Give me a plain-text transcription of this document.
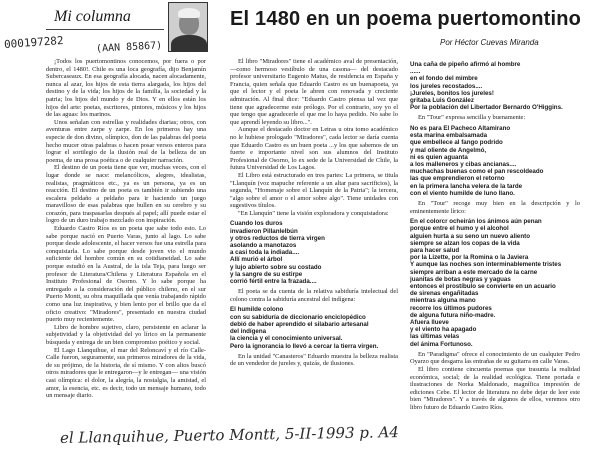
Mi columna	El 1480 en un poema puertomontino
Por Héctor Cuevas Miranda
000197282	(AAN 85867)

¡Todos los puertomontinos conocemos, por fuera o por dentro, el 1480!. Chile es una loca geografía, dijo Benjamín Subercaseaux. En esa geografía alocada, nacen alocadamente, nunca al azar, los hijos de esta tierra alargada, los hijos del destino y de la vida; los hijos de la familia, la sociedad y la patria; los hijos del mundo y de Dios. Y en ellos están los hijos del arte: poetas, escritores, pintores, músicos y los hijos de las aguas: los marinos.

Unos señalan con estrellas y realidades diarias; otros, con aventuras entre zarpe y zarpe. En los primeros hay una especie de don divino, olímpico, don de las palabras del poeta hecho mucer otras palabras o hacen posar versos enteros para lograr el sortilegio de la ilusión real de la belleza de un poema, de una prosa poética o de cualquier narración.

El destino de un poeta tiene que ver, muchas veces, con el lugar donde se nace: melancólicos, alegres, idealistas, realistas, pragmáticos etc., ya es un persona, ya es un reacción. El destino de un poeta es también ir subiendo una escalera peldaño a peldaño para ir haciendo un juego maravilloso de esas palabras que bullen en su cerebro y su corazón, para traspasarlas después al papel; allí puede estar el logro de un duro trabajo mezclado con inspiración.

Eduardo Castro Ríos es un poeta que sabe todo esto. Lo sabe porque nació en Puerto Varas, junto al lago. Lo sabe porque desde adolescente, el hacer versos fue una estrella para conquistarla. Lo sabe porque desde joven vio el mundo suficiente del hombre común en su cotidianeidad. Lo sabe porque estudió en la Austral, de la isla Teja, para luego ser profesor de Literatura/Chilena y Literatura Española en el Instituto Profesional de Osorno. Y lo sabe porque ha entregado a la consideración del público chileno, en el sur Puerto Montt, su obra maquillada que venía trabajando rápido como una luz inspirativa, y bien lento por el brillo que da el oficio creativo: "Miradores", presentado en nuestra ciudad puerto muy recientemente.

Libro de hombre sujetivo, claro, persistente en aclarar la subjetividad y la objetividad del yo lírico en la permanente búsqueda y entrega de un bien compromiso poético y social.

El Lago Llanquihue, el mar del Reloncaví y el río Calle-Calle fueron, seguramente, sus primeros miradores de la vida, de su prójimo, de la historia, de sí mismo. Y con altos buscó otros miradores que le entregaron—y le entregan— una visión casi olímpica: el dolor, la alegría, la nostalgia, la amistad, el amor, la esencia, etc. es decir, todo un mensaje humano, todo un mensaje diario.

El libro "Miradores" tiene el académico aval de presentación, —como hermoso vestíbulo de una casona— del destacado profesor universitario Eugenio Matus, de residencia en España y Francia, quien señala que Eduardo Castro es un buenapoeta, ya que el lector y el poeta le abren con renovada y creciente admiración. Al final dice: "Eduardo Castro piensa tal vez que tiene que agradecerme este prólogo. Por el contrario, soy yo el que tengo que agradecerle el que me lo haya pedido. No sabe lo que aprendí leyendo su libro...".

Aunque el destacado doctor en Letras u otra tomo académico no le hubiese prologado "Miradores", cada lector se daría cuenta que Eduardo Castro es un buen poeta ...y los que sabemos de un fuerte e importante nivel son sus alumnos del Instituto Profesional de Osorno, lo ex sede de la Universidad de Chile, la futura Universidad de Los Lagos.

El Libro está estructurado en tres partes: La primera, se titula "Llanquín (voz mapuche referente a un altar para sacrificios), la segunda, "Homenaje sobre el Llanquín de la Patria"; la tercera, "algo sobre el amor o el amor sobre algo". Tiene unidades con sugestivos títulos.

"En Llanquín" tiene la visión exploradora y conquistadora:

Cuando los duros
invadieron Pillanlelbún
y otros reductos de tierra virgen
asolando a manotazos
a casi toda la indiada....
Allí murió el árbol
y lujo abierto sobre su costado
y la sangre de su estirpe
corrió fértil entre la frazada....

El poeta se da cuenta de la relativa sabiduría intelectual del colono contra la sabiduría ancestral del indígena:

El humilde colono
con su sabiduría de diccionario enciclopédico
debió de haber aprendido el silabario artesanal
del indígena
la ciencia y el conocimiento universal.
Pero la ignorancia lo llevó a cercar la tierra virgen.

En la unidad "Canasteros" Eduardo muestra la belleza realista de un vendedor de jureles y, quizás, de ilusiones.

Una caña de pipeño afirmó al hombre
......
en el fondo del mimbre
los jureles recostados....
¡Jureles, bonitos los jureles!
gritaba Luis González
Por la población del Libertador Bernardo O'Higgins.

En "Tour" expresa sencilla y buenamente:

No es para El Pacheco Altamirano
esta marina embalsamada
que embellece al fango podrido
y mal oliente de Angelmó,
ni es quien aguanta
a los malleneros y cibas ancianas....
muchachas buenas como el pan rescoldeado
las que emprendieron el retorno
en la primera lancha velera de la tarde
con el viento humilde de luno llano.

En "Tour" recoge muy bien en la descripción y lo eminentemente lírico:

En el colorcr ocheirán los ánimos aún penan
porque entre el humo y el alcohol
alguien hurta a su seno un nuevo aliento
siempre se alzan los copas de la vida
para hacer salud
por la Lizette, por la Romina o la Javiera
Y aunque las noches son interminablemente tristes
siempre arriban a este mercado de la carne
juanitas de botas negras y yaguas
entonces el prostíbulo se convierte en un acuario
de sirenas engañitadas
mientras alguna mano
recorre los últimos pudores
de alguna futura niño-madre.
Afuera llueve
y el viento ha apagado
las últimas velas
del ánima Fortunoso.

En "Paradigma" ofrece el conocimiento de un cualquier Pedro Oyarzo que desgarra las entrañas de su guitarra en calle Varas.

El libro contiene cincuenta poemas que trasunta la realidad económica, social; de la realidad ecológica. Tiene portada e ilustraciones de Norka Maldonado, magnífica impresión de ediciones Cebe. El lector de literatura no debe dejar de leer este bien "Miradores". Y a través de algunos de ellos, veremos otro libro futuro de Eduardo Castro Ríos.

el Llanquihue, Puerto Montt, 5-II-1993 p. A4
